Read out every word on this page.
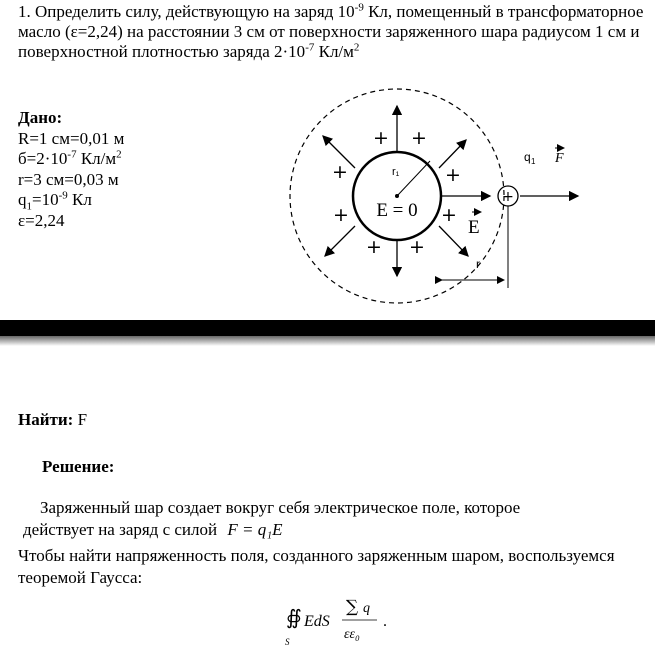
1. Определить силу, действующую на заряд $10^{-9}$ Кл, помещенный в трансформаторное масло (ε=2,24) на расстоянии 3 см от поверхности заряженного шара радиусом 1 см и поверхностной плотностью заряда $2\cdot 10^{-7}$ $Кл/м^2$
Дано:
R=1 см=0,01 м
$б=2\cdot 10^{-7}$ $Кл/м^2$
r=3 см=0,03 м
$q_1=10^{-9}$ Кл
ε=2,24
+ +
+	+
+	+
+ +
E = 0
r₁
+
q 1 F
E
r
Найти: F
Решение:
Заряженный шар создает вокруг себя электрическое поле, которое
действует на заряд с силой F = q₁E
Чтобы найти напряженность поля, созданного заряженным шаром, воспользуемся теоремой Гаусса:
∯ EdS
S
∑ q
εε₀
.
